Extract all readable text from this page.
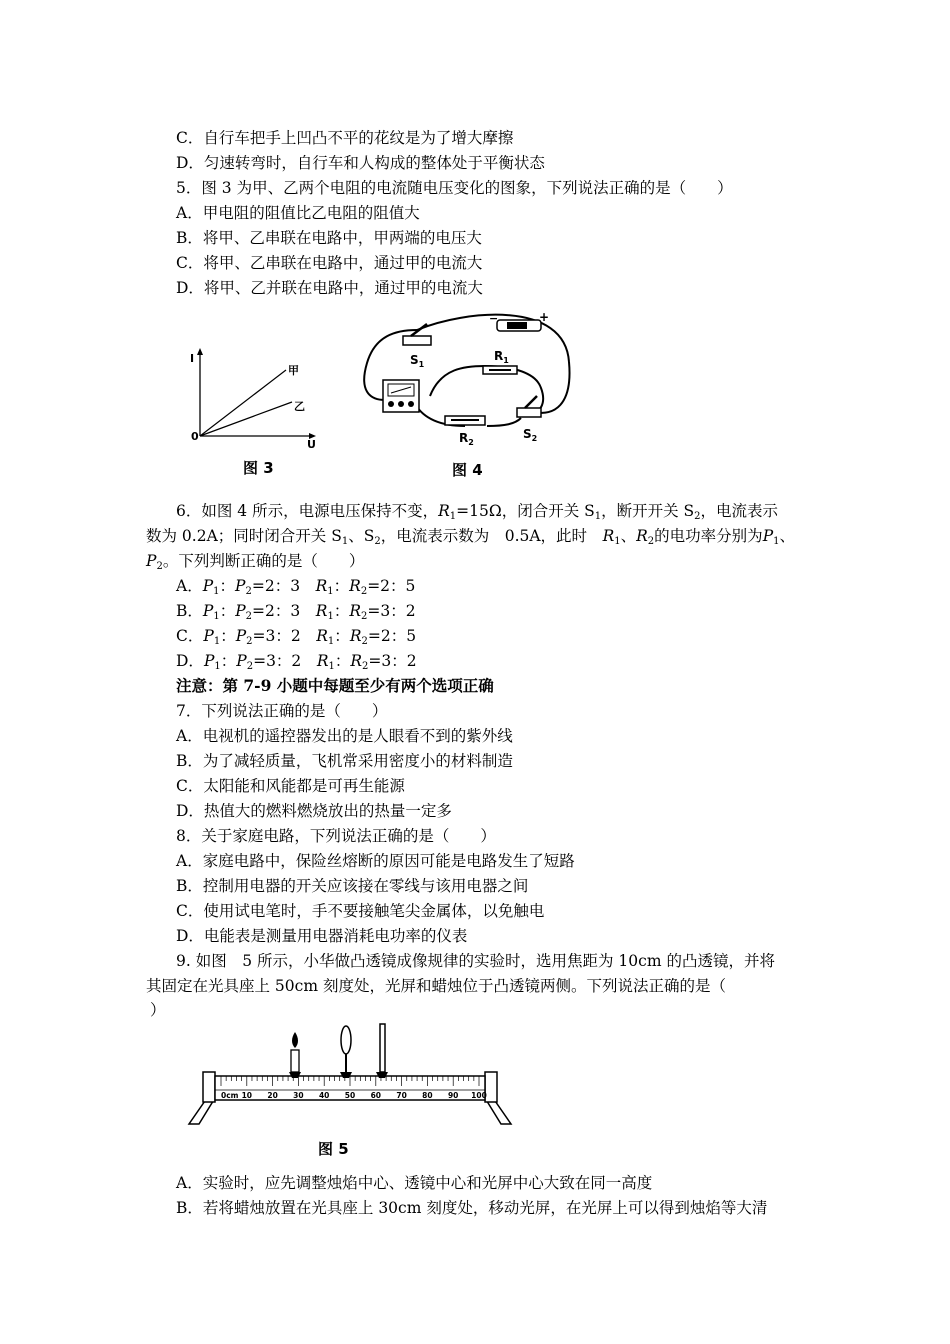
C．自行车把手上凹凸不平的花纹是为了增大摩擦
D．匀速转弯时，自行车和人构成的整体处于平衡状态
5．图 3 为甲、乙两个电阻的电流随电压变化的图象，下列说法正确的是（　　）
A．甲电阻的阻值比乙电阻的阻值大
B．将甲、乙串联在电路中，甲两端的电压大
C．将甲、乙串联在电路中，通过甲的电流大
D．将甲、乙并联在电路中，通过甲的电流大
I
0
U
甲
乙
图 3
−	+
$S_1$
$R_1$
$R_2$
$S_2$
图 4
6．如图 4 所示，电源电压保持不变，$R_1=15\Omega$，闭合开关 $S_1$，断开开关 $S_2$，电流表示
数为 0.2A；同时闭合开关 $S_1$、$S_2$，电流表示数为　0.5A，此时　$R_1$、$R_2$的电功率分别为$P_1$、
$P_2$。下列判断正确的是（　　）
A．$P_1$：$P_2=2$：3　 $R_1$：$R_2=2$：5
B．$P_1$：$P_2=2$：3　 $R_1$：$R_2=3$：2
C．$P_1$：$P_2=3$：2　 $R_1$：$R_2=2$：5
D．$P_1$：$P_2=3$：2　 $R_1$：$R_2=3$：2
注意：第 7-9 小题中每题至少有两个选项正确
7．下列说法正确的是（　　）
A．电视机的遥控器发出的是人眼看不到的紫外线
B．为了减轻质量，飞机常采用密度小的材料制造
C．太阳能和风能都是可再生能源
D．热值大的燃料燃烧放出的热量一定多
8．关于家庭电路，下列说法正确的是（　　）
A．家庭电路中，保险丝熔断的原因可能是电路发生了短路
B．控制用电器的开关应该接在零线与该用电器之间
C．使用试电笔时，手不要接触笔尖金属体，以免触电
D．电能表是测量用电器消耗电功率的仪表
9. 如图　5 所示，小华做凸透镜成像规律的实验时，选用焦距为 10cm 的凸透镜，并将
其固定在光具座上 50cm 刻度处，光屏和蜡烛位于凸透镜两侧。下列说法正确的是（
）
0cm 10 20 30 40 50 60 70 80 90 100
图 5
A．实验时，应先调整烛焰中心、透镜中心和光屏中心大致在同一高度
B．若将蜡烛放置在光具座上 30cm 刻度处，移动光屏，在光屏上可以得到烛焰等大清
